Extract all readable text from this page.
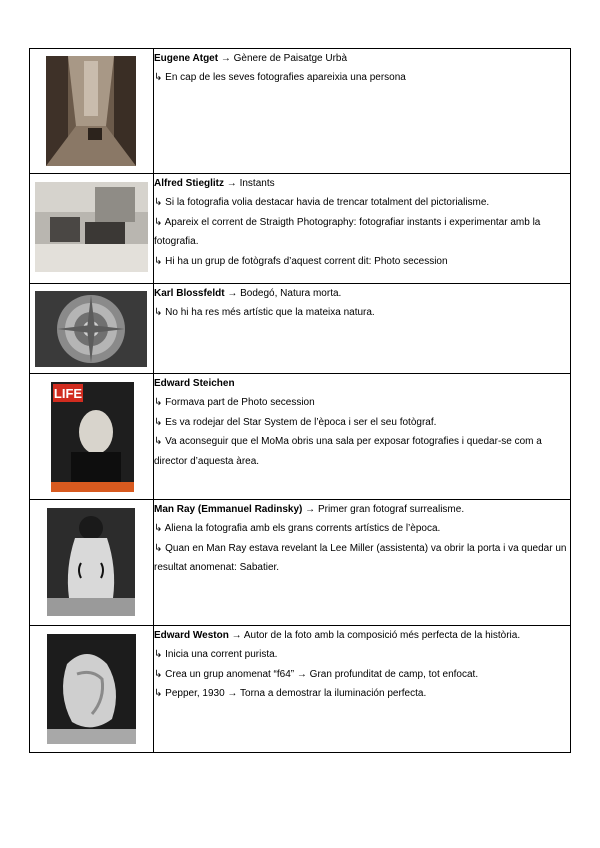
Eugene Atget → Gènere de Paisatge Urbà

↳ En cap de les seves fotografies apareixia una persona

Alfred Stieglitz → Instants

↳ Si la fotografia volia destacar havia de trencar totalment del pictorialisme.

↳ Apareix el corrent de Straigth Photography: fotografiar instants i experimentar amb la fotografia.

↳ Hi ha un grup de fotògrafs d’aquest corrent dit: Photo secession

Karl Blossfeldt → Bodegó, Natura morta.

↳ No hi ha res més artístic que la mateixa natura.

LIFE	Edward Steichen

↳ Formava part de Photo secession

↳ Es va rodejar del Star System de l’època i ser el seu fotògraf.

↳ Va aconseguir que el MoMa obris una sala per exposar fotografies i quedar-se com a director d’aquesta àrea.

Man Ray (Emmanuel Radinsky) → Primer gran fotograf surrealisme.

↳ Aliena la fotografia amb els grans corrents artístics de l’època.

↳ Quan en Man Ray estava revelant la Lee Miller (assistenta) va obrir la porta i va quedar un resultat anomenat: Sabatier.

Edward Weston → Autor de la foto amb la composició més perfecta de la història.

↳ Inicia una corrent purista.

↳ Crea un grup anomenat “f64” → Gran profunditat de camp, tot enfocat.

↳ Pepper, 1930 → Torna a demostrar la iluminación perfecta.
